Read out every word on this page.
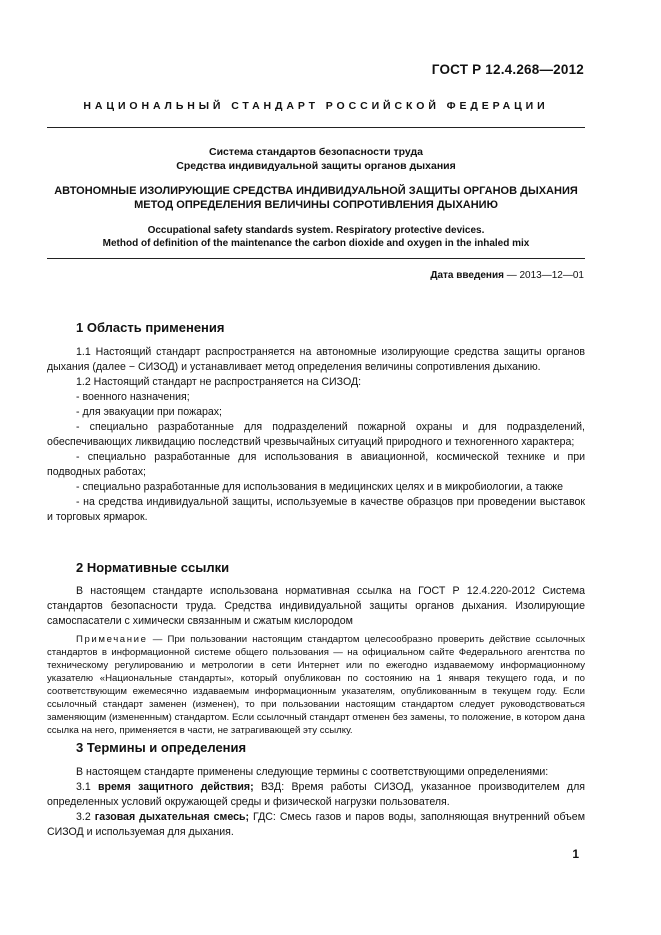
ГОСТ Р 12.4.268—2012
НАЦИОНАЛЬНЫЙ СТАНДАРТ РОССИЙСКОЙ ФЕДЕРАЦИИ
Система стандартов безопасности труда
Средства индивидуальной защиты органов дыхания
АВТОНОМНЫЕ ИЗОЛИРУЮЩИЕ СРЕДСТВА ИНДИВИДУАЛЬНОЙ ЗАЩИТЫ ОРГАНОВ ДЫХАНИЯ
МЕТОД ОПРЕДЕЛЕНИЯ ВЕЛИЧИНЫ СОПРОТИВЛЕНИЯ ДЫХАНИЮ
Occupational safety standards system. Respiratory protective devices.
Method of definition of the maintenance the carbon dioxide and oxygen in the inhaled mix
Дата введения — 2013—12—01
1 Область применения
1.1 Настоящий стандарт распространяется на автономные изолирующие средства защиты органов дыхания (далее − СИЗОД) и устанавливает метод определения величины сопротивления дыханию.
1.2 Настоящий стандарт не распространяется на СИЗОД:
- военного назначения;
- для эвакуации при пожарах;
- специально разработанные для подразделений пожарной охраны и для подразделений, обеспечивающих ликвидацию последствий чрезвычайных ситуаций природного и техногенного характера;
- специально разработанные для использования в авиационной, космической технике и при подводных работах;
- специально разработанные для использования в медицинских целях и в микробиологии, а также
- на средства индивидуальной защиты, используемые в качестве образцов при проведении выставок и торговых ярмарок.
2 Нормативные ссылки
В настоящем стандарте использована нормативная ссылка на ГОСТ Р 12.4.220-2012 Система стандартов безопасности труда. Средства индивидуальной защиты органов дыхания. Изолирующие самоспасатели с химически связанным и сжатым кислородом
Примечание — При пользовании настоящим стандартом целесообразно проверить действие ссылочных стандартов в информационной системе общего пользования — на официальном сайте Федерального агентства по техническому регулированию и метрологии в сети Интернет или по ежегодно издаваемому информационному указателю «Национальные стандарты», который опубликован по состоянию на 1 января текущего года, и по соответствующим ежемесячно издаваемым информационным указателям, опубликованным в текущем году. Если ссылочный стандарт заменен (изменен), то при пользовании настоящим стандартом следует руководствоваться заменяющим (измененным) стандартом. Если ссылочный стандарт отменен без замены, то положение, в котором дана ссылка на него, применяется в части, не затрагивающей эту ссылку.
3 Термины и определения
В настоящем стандарте применены следующие термины с соответствующими определениями:
3.1 время защитного действия; ВЗД: Время работы СИЗОД, указанное производителем для определенных условий окружающей среды и физической нагрузки пользователя.
3.2 газовая дыхательная смесь; ГДС: Смесь газов и паров воды, заполняющая внутренний объем СИЗОД и используемая для дыхания.
1
